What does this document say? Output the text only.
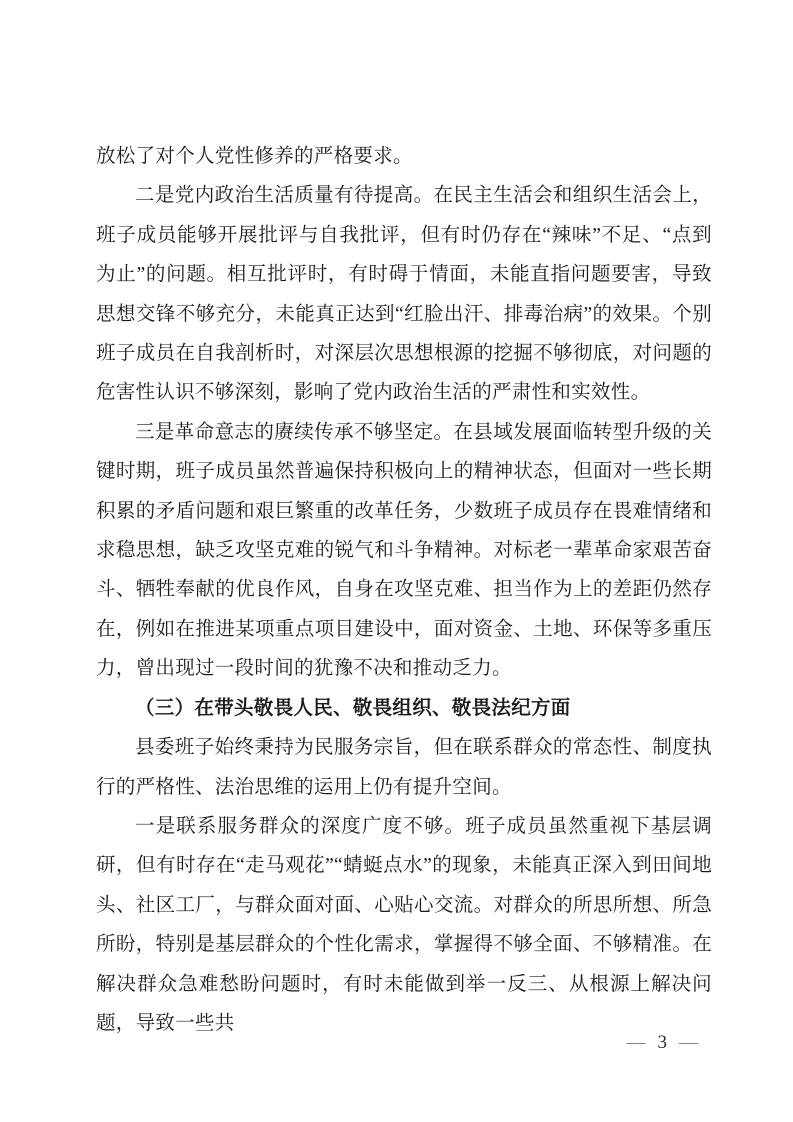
放松了对个人党性修养的严格要求。

二是党内政治生活质量有待提高。在民主生活会和组织生活会上，班子成员能够开展批评与自我批评，但有时仍存在“辣味”不足、“点到为止”的问题。相互批评时，有时碍于情面，未能直指问题要害，导致思想交锋不够充分，未能真正达到“红脸出汗、排毒治病”的效果。个别班子成员在自我剖析时，对深层次思想根源的挖掘不够彻底，对问题的危害性认识不够深刻，影响了党内政治生活的严肃性和实效性。

三是革命意志的赓续传承不够坚定。在县域发展面临转型升级的关键时期，班子成员虽然普遍保持积极向上的精神状态，但面对一些长期积累的矛盾问题和艰巨繁重的改革任务，少数班子成员存在畏难情绪和求稳思想，缺乏攻坚克难的锐气和斗争精神。对标老一辈革命家艰苦奋斗、牺牲奉献的优良作风，自身在攻坚克难、担当作为上的差距仍然存在，例如在推进某项重点项目建设中，面对资金、土地、环保等多重压力，曾出现过一段时间的犹豫不决和推动乏力。

（三）在带头敬畏人民、敬畏组织、敬畏法纪方面

县委班子始终秉持为民服务宗旨，但在联系群众的常态性、制度执行的严格性、法治思维的运用上仍有提升空间。

一是联系服务群众的深度广度不够。班子成员虽然重视下基层调研，但有时存在“走马观花”“蜻蜓点水”的现象，未能真正深入到田间地头、社区工厂，与群众面对面、心贴心交流。对群众的所思所想、所急所盼，特别是基层群众的个性化需求，掌握得不够全面、不够精准。在解决群众急难愁盼问题时，有时未能做到举一反三、从根源上解决问题，导致一些共

— 3 —
